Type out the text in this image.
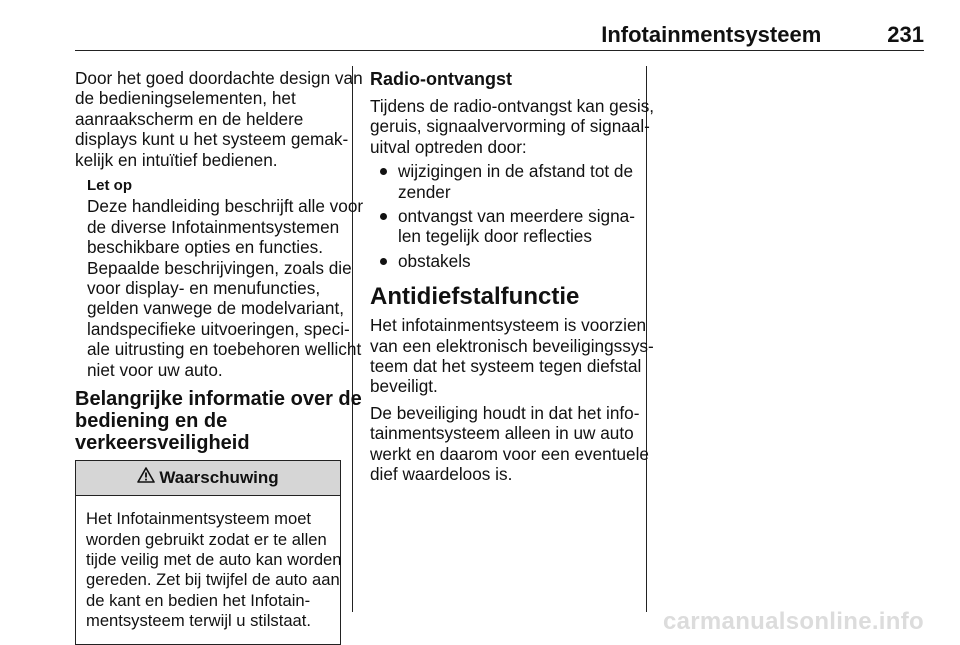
Infotainmentsysteem	231
Door het goed doordachte design van
de bedieningselementen, het
aanraakscherm en de heldere
displays kunt u het systeem gemak-
kelijk en intuïtief bedienen.
Let op
Deze handleiding beschrijft alle voor
de diverse Infotainmentsystemen
beschikbare opties en functies.
Bepaalde beschrijvingen, zoals die
voor display- en menufuncties,
gelden vanwege de modelvariant,
landspecifieke uitvoeringen, speci-
ale uitrusting en toebehoren wellicht
niet voor uw auto.
Belangrijke informatie over de
bediening en de
verkeersveiligheid
Waarschuwing
Het Infotainmentsysteem moet
worden gebruikt zodat er te allen
tijde veilig met de auto kan worden
gereden. Zet bij twijfel de auto aan
de kant en bedien het Infotain-
mentsysteem terwijl u stilstaat.
Radio-ontvangst
Tijdens de radio-ontvangst kan gesis,
geruis, signaalvervorming of signaal-
uitval optreden door:
wijzigingen in de afstand tot de
zender
ontvangst van meerdere signa-
len tegelijk door reflecties
obstakels
Antidiefstalfunctie
Het infotainmentsysteem is voorzien
van een elektronisch beveiligingssys-
teem dat het systeem tegen diefstal
beveiligt.
De beveiliging houdt in dat het info-
tainmentsysteem alleen in uw auto
werkt en daarom voor een eventuele
dief waardeloos is.
carmanualsonline.info
